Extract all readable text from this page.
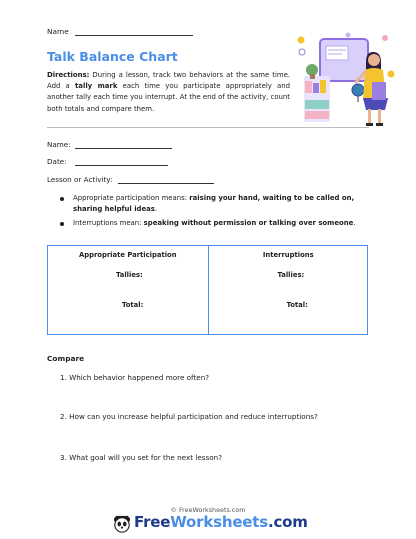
Name
Talk Balance Chart
Directions: During a lesson, track two behaviors at the same time. Add a tally mark each time you participate appropriately and another tally each time you interrupt. At the end of the activity, count both totals and compare them.
Name:
Date:
Lesson or Activity:
Appropriate participation means: raising your hand, waiting to be called on, sharing helpful ideas.
Interruptions mean: speaking without permission or talking over someone.
Appropriate Participation
Tallies:
Total:
Interruptions
Tallies:
Total:
Compare
1. Which behavior happened more often?
2. How can you increase helpful participation and reduce interruptions?
3. What goal will you set for the next lesson?
© FreeWorksheets.com
FreeWorksheets.com
